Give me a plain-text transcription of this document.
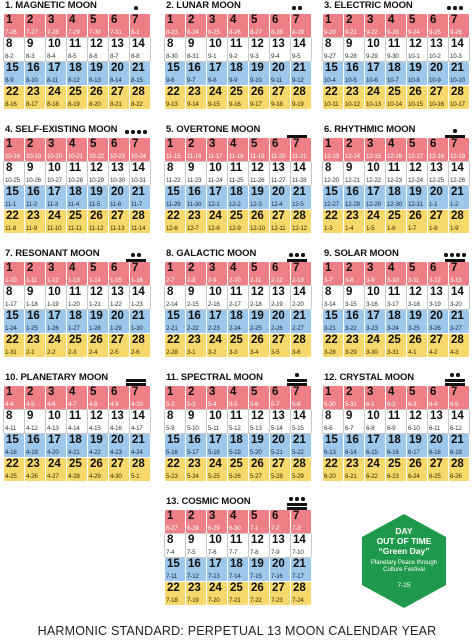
1. MAGNETIC MOON
1
7-26
2
7-27
3
7-28
4
7-29
5
7-30
6
7-31
7
8-1
8
8-2
9
8-3
10
8-4
11
8-5
12
8-6
13
8-7
14
8-8
15
8-9
16
8-10
17
8-11
18
8-12
19
8-13
20
8-14
21
8-15
22
8-16
23
8-17
24
8-18
25
8-19
26
8-20
27
8-21
28
8-22
2. LUNAR MOON
1
8-23
2
8-24
3
8-25
4
8-26
5
8-27
6
8-28
7
8-29
8
8-30
9
8-31
10
9-1
11
9-2
12
9-3
13
9-4
14
9-5
15
9-6
16
9-7
17
9-8
18
9-9
19
9-10
20
9-11
21
9-12
22
9-13
23
9-14
24
9-15
25
9-16
26
9-17
27
9-18
28
9-19
3. ELECTRIC MOON
1
9-20
2
9-21
3
9-22
4
9-23
5
9-24
6
9-25
7
9-26
8
9-27
9
9-28
10
9-29
11
9-30
12
10-1
13
10-2
14
10-3
15
10-4
16
10-5
17
10-6
18
10-7
19
10-8
20
10-9
21
10-10
22
10-11
23
10-12
24
10-13
25
10-14
26
10-15
27
10-16
28
10-17
4. SELF-EXISTING MOON
1
10-18
2
10-19
3
10-20
4
10-21
5
10-22
6
10-23
7
10-24
8
10-25
9
10-26
10
10-27
11
10-28
12
10-29
13
10-30
14
10-31
15
11-1
16
11-2
17
11-3
18
11-4
19
11-5
20
11-6
21
11-7
22
11-8
23
11-9
24
11-10
25
11-11
26
11-12
27
11-13
28
11-14
5. OVERTONE MOON
1
11-15
2
11-16
3
11-17
4
11-18
5
11-19
6
11-20
7
11-21
8
11-22
9
11-23
10
11-24
11
11-25
12
11-26
13
11-27
14
11-28
15
11-29
16
11-30
17
12-1
18
12-2
19
12-3
20
12-4
21
12-5
22
12-6
23
12-7
24
12-8
25
12-9
26
12-10
27
12-11
28
12-12
6. RHYTHMIC MOON
1
12-13
2
12-14
3
12-15
4
12-16
5
12-17
6
12-18
7
12-19
8
12-20
9
12-21
10
12-22
11
12-23
12
12-24
13
12-25
14
12-26
15
12-27
16
12-28
17
12-29
18
12-30
19
12-31
20
1-1
21
1-2
22
1-3
23
1-4
24
1-5
25
1-6
26
1-7
27
1-8
28
1-9
7. RESONANT MOON
1
1-10
2
1-11
3
1-12
4
1-13
5
1-14
6
1-15
7
1-16
8
1-17
9
1-18
10
1-19
11
1-20
12
1-21
13
1-22
14
1-23
15
1-24
16
1-25
17
1-26
18
1-27
19
1-28
20
1-29
21
1-30
22
1-31
23
2-1
24
2-2
25
2-3
26
2-4
27
2-5
28
2-6
8. GALACTIC MOON
1
2-7
2
2-8
3
2-9
4
2-10
5
2-11
6
2-12
7
2-13
8
2-14
9
2-15
10
2-16
11
2-17
12
2-18
13
2-19
14
2-20
15
2-21
16
2-22
17
2-23
18
2-24
19
2-25
20
2-26
21
2-27
22
2-28
23
3-1
24
3-2
25
3-3
26
3-4
27
3-5
28
3-6
9. SOLAR MOON
1
3-7
2
3-8
3
3-9
4
3-10
5
3-11
6
3-12
7
3-13
8
3-14
9
3-15
10
3-16
11
3-17
12
3-18
13
3-19
14
3-20
15
3-21
16
3-22
17
3-23
18
3-24
19
3-25
20
3-26
21
3-27
22
3-28
23
3-29
24
3-30
25
3-31
26
4-1
27
4-2
28
4-3
10. PLANETARY MOON
1
4-4
2
4-5
3
4-6
4
4-7
5
4-8
6
4-9
7
4-10
8
4-11
9
4-12
10
4-13
11
4-14
12
4-15
13
4-16
14
4-17
15
4-18
16
4-19
17
4-20
18
4-21
19
4-22
20
4-23
21
4-24
22
4-25
23
4-26
24
4-27
25
4-28
26
4-29
27
4-30
28
5-1
11. SPECTRAL MOON
1
5-2
2
5-3
3
5-4
4
5-5
5
5-6
6
5-7
7
5-8
8
5-9
9
5-10
10
5-11
11
5-12
12
5-13
13
5-14
14
5-15
15
5-16
16
5-17
17
5-18
18
5-19
19
5-20
20
5-21
21
5-22
22
5-23
23
5-24
24
5-25
25
5-26
26
5-27
27
5-28
28
5-29
12. CRYSTAL MOON
1
5-30
2
5-31
3
6-1
4
6-2
5
6-3
6
6-4
7
6-5
8
6-6
9
6-7
10
6-8
11
6-9
12
6-10
13
6-11
14
6-12
15
6-13
16
6-14
17
6-15
18
6-16
19
6-17
20
6-18
21
6-19
22
6-20
23
6-21
24
6-22
25
6-23
26
6-24
27
6-25
28
6-26
13. COSMIC MOON
1
6-27
2
6-28
3
6-29
4
6-30
5
7-1
6
7-2
7
7-3
8
7-4
9
7-5
10
7-6
11
7-7
12
7-8
13
7-9
14
7-10
15
7-11
16
7-12
17
7-13
18
7-14
19
7-15
20
7-16
21
7-17
22
7-18
23
7-19
24
7-20
25
7-21
26
7-22
27
7-23
28
7-24
DAY
OUT OF TIME
“Green Day”
Planetary Peace through Culture Festival
7-25
HARMONIC STANDARD: PERPETUAL 13 MOON CALENDAR YEAR
